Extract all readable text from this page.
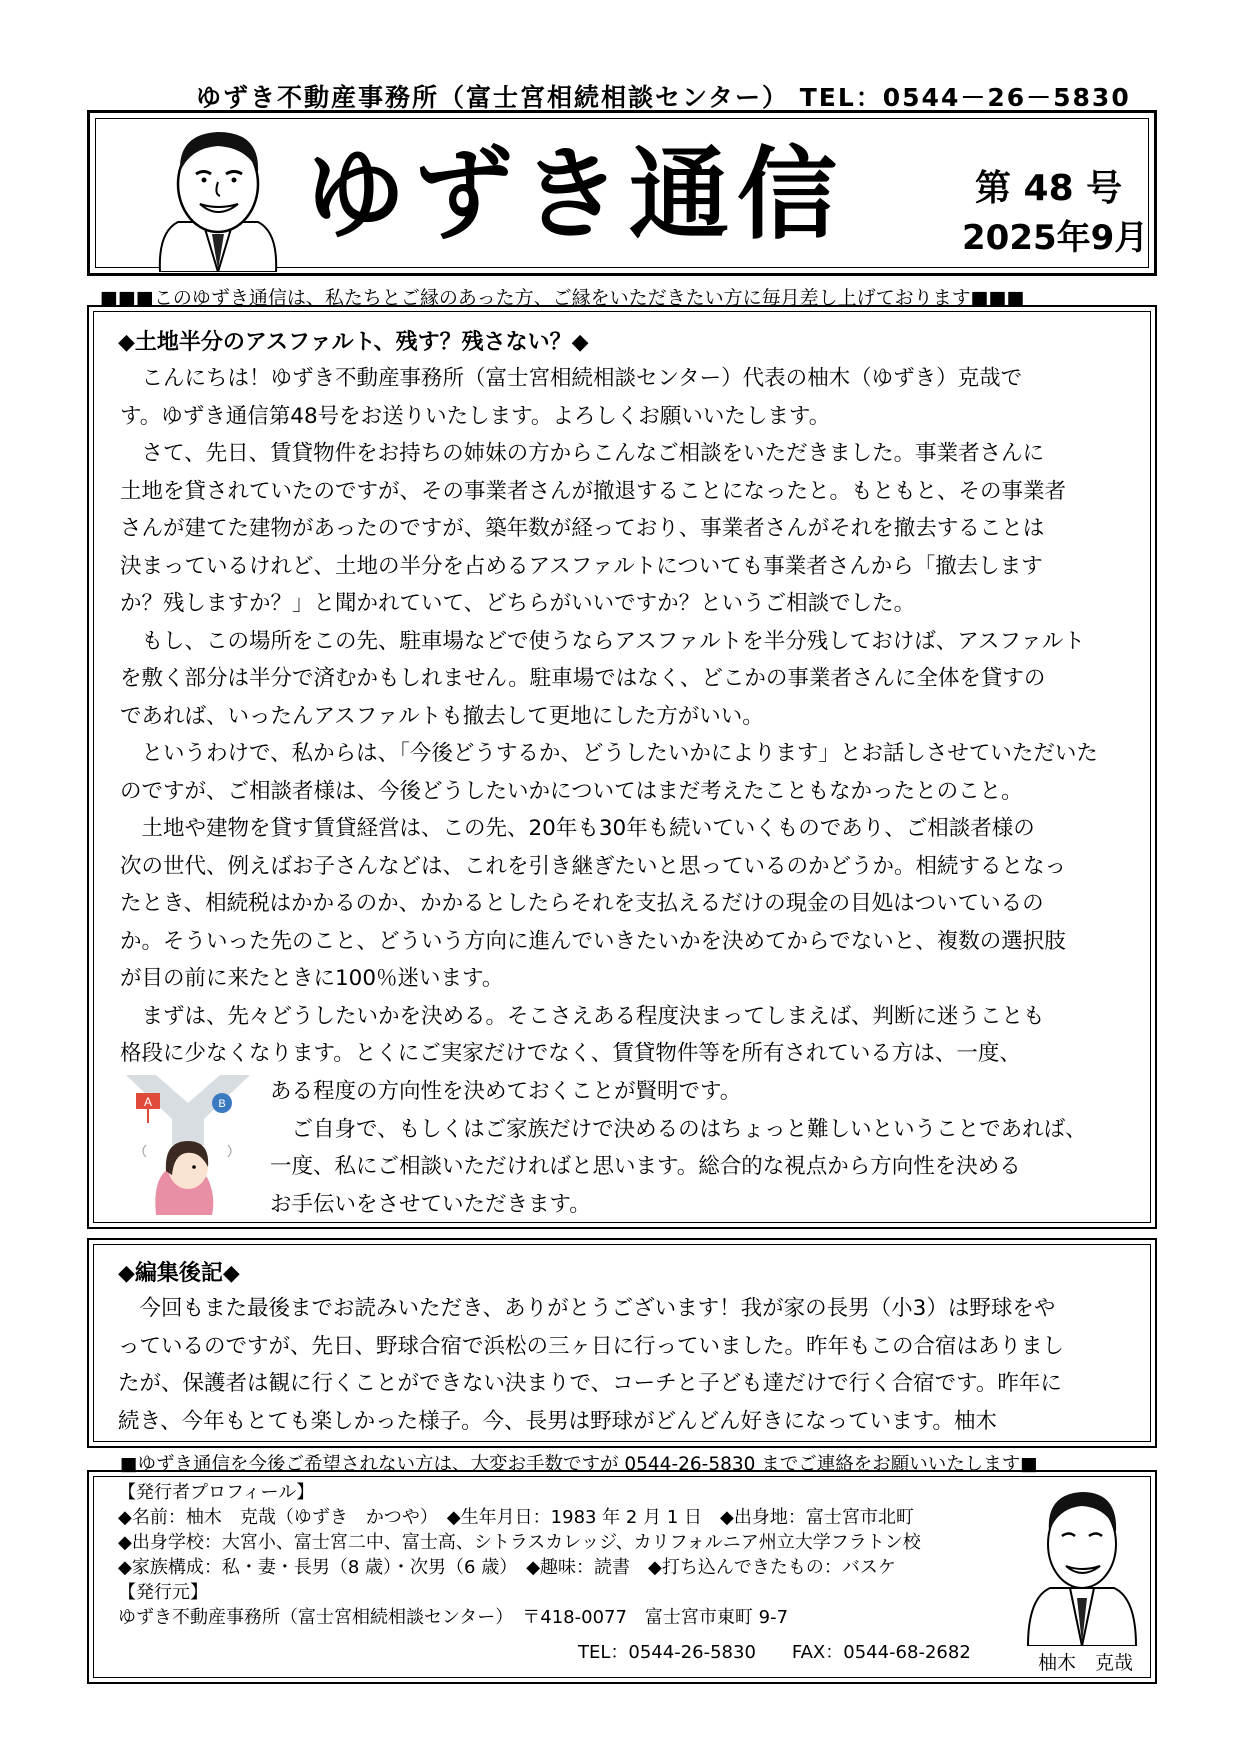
ゆずき不動産事務所（富士宮相続相談センター） TEL：0544－26－5830
ゆずき通信	第 48 号
2025年9月
■■■このゆずき通信は、私たちとご縁のあった方、ご縁をいただきたい方に毎月差し上げております■■■
◆土地半分のアスファルト、残す？残さない？◆
　こんにちは！ゆずき不動産事務所（富士宮相続相談センター）代表の柚木（ゆずき）克哉で
す。ゆずき通信第48号をお送りいたします。よろしくお願いいたします。
　さて、先日、賃貸物件をお持ちの姉妹の方からこんなご相談をいただきました。事業者さんに
土地を貸されていたのですが、その事業者さんが撤退することになったと。もともと、その事業者
さんが建てた建物があったのですが、築年数が経っており、事業者さんがそれを撤去することは
決まっているけれど、土地の半分を占めるアスファルトについても事業者さんから「撤去します
か？残しますか？」と聞かれていて、どちらがいいですか？というご相談でした。
　もし、この場所をこの先、駐車場などで使うならアスファルトを半分残しておけば、アスファルト
を敷く部分は半分で済むかもしれません。駐車場ではなく、どこかの事業者さんに全体を貸すの
であれば、いったんアスファルトも撤去して更地にした方がいい。
　というわけで、私からは、「今後どうするか、どうしたいかによります」とお話しさせていただいた
のですが、ご相談者様は、今後どうしたいかについてはまだ考えたこともなかったとのこと。
　土地や建物を貸す賃貸経営は、この先、20年も30年も続いていくものであり、ご相談者様の
次の世代、例えばお子さんなどは、これを引き継ぎたいと思っているのかどうか。相続するとなっ
たとき、相続税はかかるのか、かかるとしたらそれを支払えるだけの現金の目処はついているの
か。そういった先のこと、どういう方向に進んでいきたいかを決めてからでないと、複数の選択肢
が目の前に来たときに100％迷います。
　まずは、先々どうしたいかを決める。そこさえある程度決まってしまえば、判断に迷うことも
格段に少なくなります。とくにご実家だけでなく、賃貸物件等を所有されている方は、一度、
ある程度の方向性を決めておくことが賢明です。
　ご自身で、もしくはご家族だけで決めるのはちょっと難しいということであれば、
一度、私にご相談いただければと思います。総合的な視点から方向性を決める
お手伝いをさせていただきます。
A	B
◆編集後記◆
　今回もまた最後までお読みいただき、ありがとうございます！我が家の長男（小3）は野球をや
っているのですが、先日、野球合宿で浜松の三ヶ日に行っていました。昨年もこの合宿はありまし
たが、保護者は観に行くことができない決まりで、コーチと子ども達だけで行く合宿です。昨年に
続き、今年もとても楽しかった様子。今、長男は野球がどんどん好きになっています。柚木
■ゆずき通信を今後ご希望されない方は、大変お手数ですが 0544-26-5830 までご連絡をお願いいたします■
【発行者プロフィール】
◆名前：柚木　克哉（ゆずき　かつや）　◆生年月日：1983 年 2 月 1 日　◆出身地：富士宮市北町
◆出身学校：大宮小、富士宮二中、富士高、シトラスカレッジ、カリフォルニア州立大学フラトン校
◆家族構成：私・妻・長男（8 歳）・次男（6 歳）　◆趣味：読書　◆打ち込んできたもの：バスケ
【発行元】
ゆずき不動産事務所（富士宮相続相談センター）　〒418-0077　富士宮市東町 9-7
TEL：0544-26-5830　　FAX：0544-68-2682	柚木　克哉
